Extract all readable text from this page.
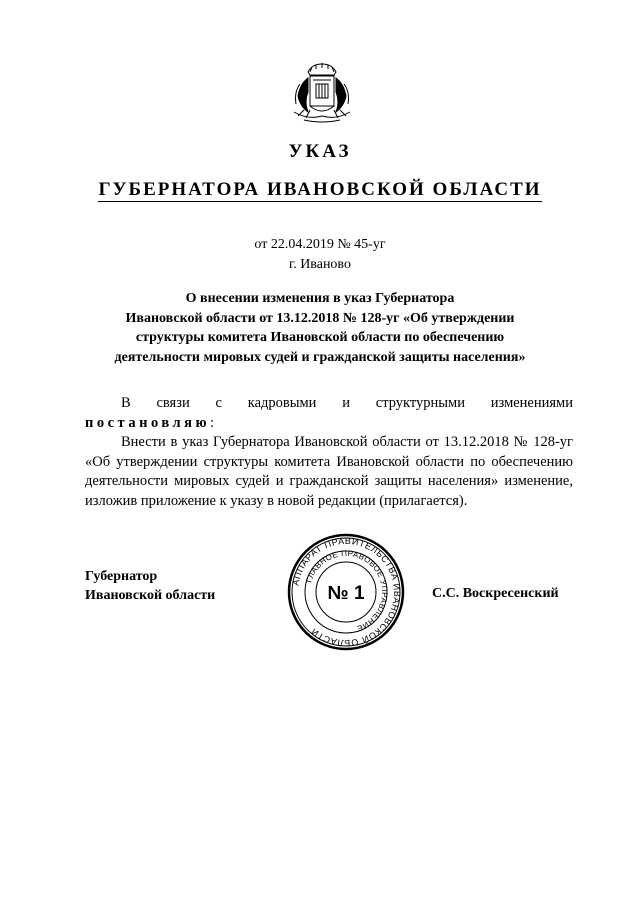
УКАЗ
ГУБЕРНАТОРА ИВАНОВСКОЙ ОБЛАСТИ
от 22.04.2019 № 45-уг
г. Иваново
О внесении изменения в указ Губернатора
Ивановской области от 13.12.2018 № 128-уг «Об утверждении
структуры комитета Ивановской области по обеспечению
деятельности мировых судей и гражданской защиты населения»
В связи с кадровыми и структурными изменениями
постановляю:
Внести в указ Губернатора Ивановской области от 13.12.2018 № 128-уг «Об утверждении структуры комитета Ивановской области по обеспечению деятельности мировых судей и гражданской защиты населения» изменение, изложив приложение к указу в новой редакции (прилагается).
Губернатор
Ивановской области
АППАРАТ ПРАВИТЕЛЬСТВА ИВАНОВСКОЙ ОБЛАСТИ
ГЛАВНОЕ ПРАВОВОЕ УПРАВЛЕНИЕ
№ 1	С.С. Воскресенский
